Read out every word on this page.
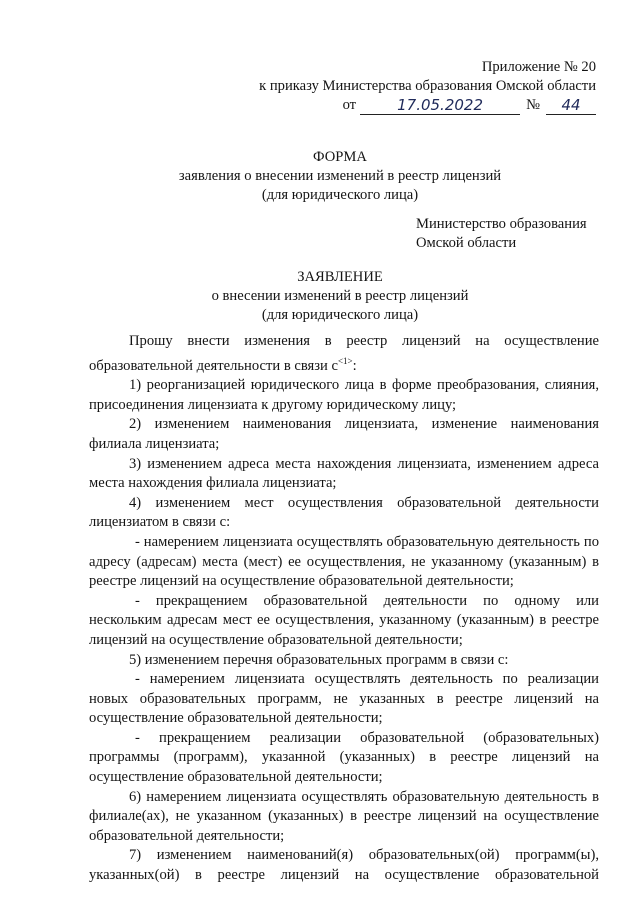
Приложение № 20
к приказу Министерства образования Омской области
от	17.05.2022	№	44
ФОРМА
заявления о внесении изменений в реестр лицензий
(для юридического лица)
Министерство образования
Омской области
ЗАЯВЛЕНИЕ
о внесении изменений в реестр лицензий
(для юридического лица)

Прошу внести изменения в реестр лицензий на осуществление образовательной деятельности в связи $с^{<1>}$:

1) реорганизацией юридического лица в форме преобразования, слияния, присоединения лицензиата к другому юридическому лицу;

2) изменением наименования лицензиата, изменение наименования филиала лицензиата;

3) изменением адреса места нахождения лицензиата, изменением адреса места нахождения филиала лицензиата;

4) изменением мест осуществления образовательной деятельности лицензиатом в связи с:

- намерением лицензиата осуществлять образовательную деятельность по адресу (адресам) места (мест) ее осуществления, не указанному (указанным) в реестре лицензий на осуществление образовательной деятельности;

- прекращением образовательной деятельности по одному или нескольким адресам мест ее осуществления, указанному (указанным) в реестре лицензий на осуществление образовательной деятельности;

5) изменением перечня образовательных программ в связи с:

- намерением лицензиата осуществлять деятельность по реализации новых образовательных программ, не указанных в реестре лицензий на осуществление образовательной деятельности;

- прекращением реализации образовательной (образовательных) программы (программ), указанной (указанных) в реестре лицензий на осуществление образовательной деятельности;

6) намерением лицензиата осуществлять образовательную деятельность в филиале(ах), не указанном (указанных) в реестре лицензий на осуществление образовательной деятельности;

7) изменением наименований(я) образовательных(ой) программ(ы), указанных(ой) в реестре лицензий на осуществление образовательной
